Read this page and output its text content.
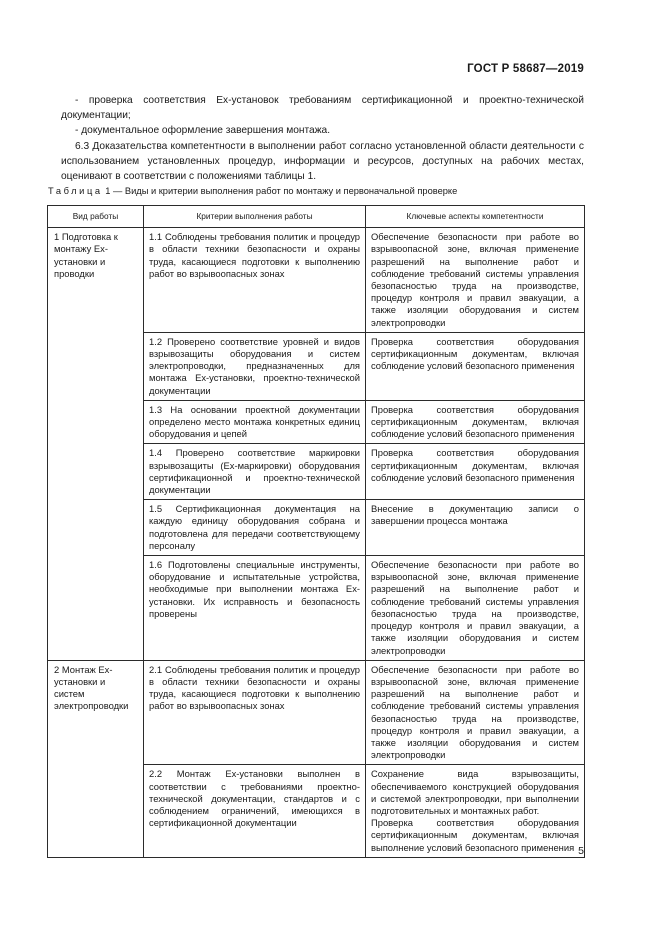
ГОСТ Р 58687—2019

- проверка соответствия Ex-установок требованиям сертификационной и проектно-технической документации;

- документальное оформление завершения монтажа.

6.3 Доказательства компетентности в выполнении работ согласно установленной области деятельности с использованием установленных процедур, информации и ресурсов, доступных на рабочих местах, оценивают в соответствии с положениями таблицы 1.

Таблица 1 — Виды и критерии выполнения работ по монтажу и первоначальной проверке
Вид работы	Критерии выполнения работы	Ключевые аспекты компетентности
1 Подготовка к монтажу Ex-установки и проводки	1.1 Соблюдены требования политик и процедур в области техники безопасности и охраны труда, касающиеся подготовки к выполнению работ во взрывоопасных зонах	Обеспечение безопасности при работе во взрывоопасной зоне, включая применение разрешений на выполнение работ и соблюдение требований системы управления безопасностью труда на производстве, процедур контроля и правил эвакуации, а также изоляции оборудования и систем электропроводки
	1.2 Проверено соответствие уровней и видов взрывозащиты оборудования и систем электропроводки, предназначенных для монтажа Ex-установки, проектно-технической документации	Проверка соответствия оборудования сертификационным документам, включая соблюдение условий безопасного применения
	1.3 На основании проектной документации определено место монтажа конкретных единиц оборудования и цепей	Проверка соответствия оборудования сертификационным документам, включая соблюдение условий безопасного применения
	1.4 Проверено соответствие маркировки взрывозащиты (Ex-маркировки) оборудования сертификационной и проектно-технической документации	Проверка соответствия оборудования сертификационным документам, включая соблюдение условий безопасного применения
	1.5 Сертификационная документация на каждую единицу оборудования собрана и подготовлена для передачи соответствующему персоналу	Внесение в документацию записи о завершении процесса монтажа
	1.6 Подготовлены специальные инструменты, оборудование и испытательные устройства, необходимые при выполнении монтажа Ex-установки. Их исправность и безопасность проверены	Обеспечение безопасности при работе во взрывоопасной зоне, включая применение разрешений на выполнение работ и соблюдение требований системы управления безопасностью труда на производстве, процедур контроля и правил эвакуации, а также изоляции оборудования и систем электропроводки
2 Монтаж Ex-установки и систем электропроводки	2.1 Соблюдены требования политик и процедур в области техники безопасности и охраны труда, касающиеся подготовки к выполнению работ во взрывоопасных зонах	Обеспечение безопасности при работе во взрывоопасной зоне, включая применение разрешений на выполнение работ и соблюдение требований системы управления безопасностью труда на производстве, процедур контроля и правил эвакуации, а также изоляции оборудования и систем электропроводки
	2.2 Монтаж Ex-установки выполнен в соответствии с требованиями проектно-технической документации, стандартов и с соблюдением ограничений, имеющихся в сертификационной документации	Сохранение вида взрывозащиты, обеспечиваемого конструкцией оборудования и системой электропроводки, при выполнении подготовительных и монтажных работ.
Проверка соответствия оборудования сертификационным документам, включая выполнение условий безопасного применения 5
